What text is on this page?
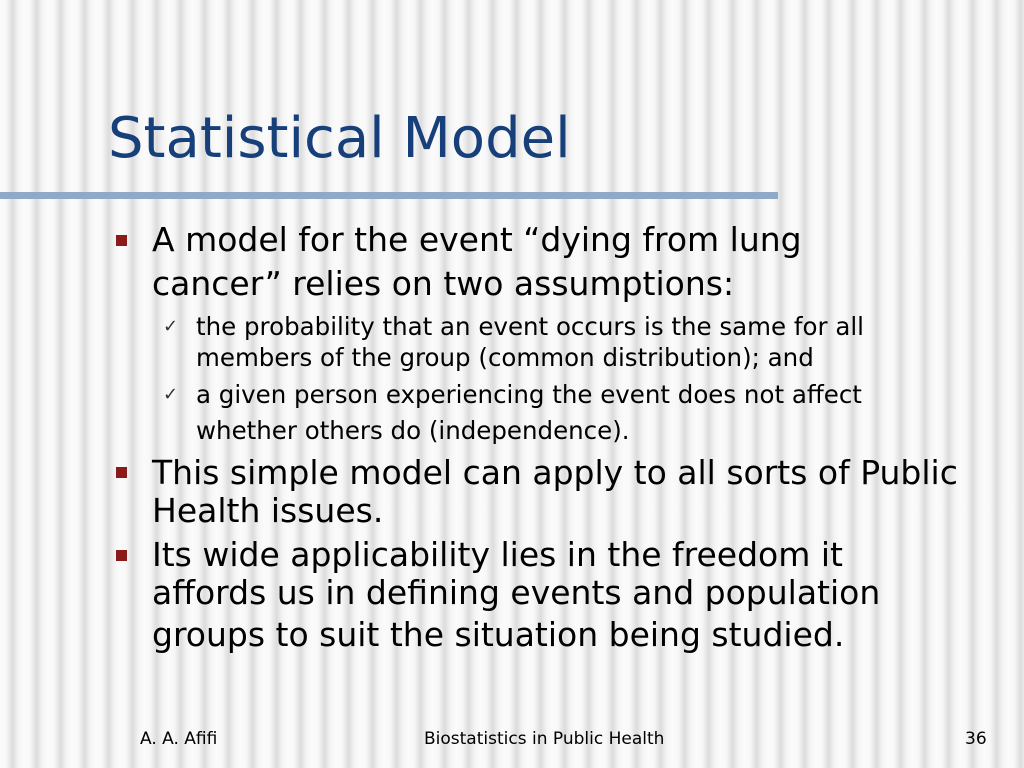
Statistical Model

A model for the event “dying from lung

cancer” relies on two assumptions:

✓ the probability that an event occurs is the same for all

members of the group (common distribution); and

✓ a given person experiencing the event does not affect

whether others do (independence).

This simple model can apply to all sorts of Public

Health issues.

Its wide applicability lies in the freedom it

affords us in defining events and population

groups to suit the situation being studied.

A. A. Afifi	Biostatistics in Public Health	36
